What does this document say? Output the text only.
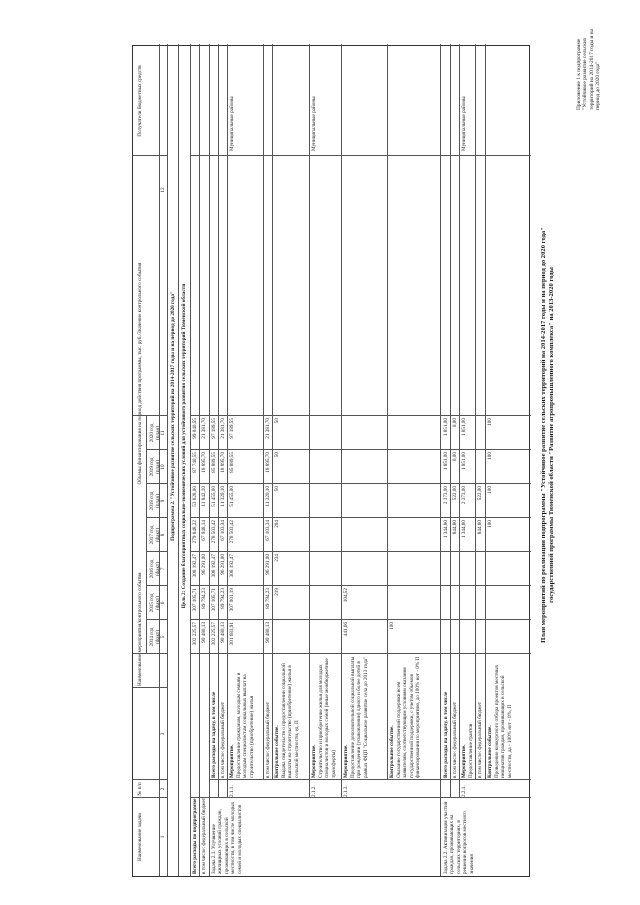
Приложение 1 к подпрограмме "Устойчивое развитие сельских территорий на 2014-2017 годы и на период до 2020 года"
План мероприятий по реализации подпрограммы "Устойчивое развитие сельских территорий на 2014-2017 годы и на период до 2020 года" государственной программы Тюменской области "Развитие агропромышленного комплекса" на 2013-2020 годы
Наименование задачи
№ п/п
Наименование мероприятия/контрольного события
Объемы финансирования на период действия программы, тыс. руб./Значение контрольного события
2014 год (факт)
2015 год (факт)
2016 год (факт)
2017 год (факт)
2018 год (план)
2019 год (план)
2020 год (план)
Получатели бюджетных средств
1
2
3
5
6
7
8
9
10
11
12
Подпрограмма 2. "Устойчивое развитие сельских территорий на 2014-2017 годы и на период до 2020 года" Цель 2: Создание благоприятных социально-экономических условий для устойчивого развития сельских территорий Тюменской области
Всего расходы по подпрограмме
302 225,57
307 105,71
308 192,47
279 848,22
53 828,00
87 740,55
99 040,55
в том числе: федеральный бюджет
90 480,13
89 794,23
96 291,00
67 948,14
11 842,10
18 895,70
21 381,70
Задача 2.1. Улучшение жилищных условий граждан, проживающих в сельской местности, в том числе молодых семей и молодых специалистов
Всего расходы на задачу, в том числе
302 225,57
307 105,71
308 192,47
278 503,42
51 455,00
85 889,55
97 189,55
в том числе: федеральный бюджет
90 480,13
89 794,23
96 291,00
67 103,34
11 320,10
18 895,70
21 381,70
2.1.1.
Мероприятие. Предоставление гражданам, молодым семьям и молодым специалистам социальных выплат на строительство (приобретение) жилья
301 683,91
307 001,19
308 192,47
278 503,42
51 455,00
85 889,55
97 189,55
Муниципальные районы
в том числе: федеральный бюджет
90 480,13
89 794,23
96 291,00
67 103,34
11 320,10
18 895,70
21 381,70
Контрольное событие. Выдача свидетельств о предоставлении социальной выплаты на строительство (приобретение) жилья в сельской местности, ед. П
219
234
204
50
50
50
2.1.2.
Мероприятие. Строительство и приобретение жилья для молодых специалистов и молодых семей (иные межбюджетные трансферты)
Муниципальные районы
2.1.3.
Мероприятие. Предоставление дополнительной социальной выплаты при рождении (усыновлении) одного и более детей в рамках ФЦП "Социальное развитие села до 2013 года"
441,66
104,52
Контрольное событие. Оказание государственной поддержки всем заявителям, соответствующим условиям оказания государственной поддержки, с учетом объемов финансирования по мероприятию, до 100% нет - 0% П
100
Задача 2.2. Активизация участия граждан, проживающих на сельских территориях, в решении вопросов местного значения
Всего расходы на задачу, в том числе
1 344,80
2 373,00
1 851,00
1 851,00
в том числе: федеральный бюджет
844,80
522,00
0,00
0,00
2.2.1.
Мероприятие. Предоставление грантов
1 344,80
2 373,00
1 851,00
1 851,00
Муниципальные районы
в том числе: федеральный бюджет
844,80
522,00
Контрольное событие. Проведение конкурсного отбора проектов местных инициатив граждан, проживающих в сельской местности, да - 100% нет - 0%, П
100
100
100
100
